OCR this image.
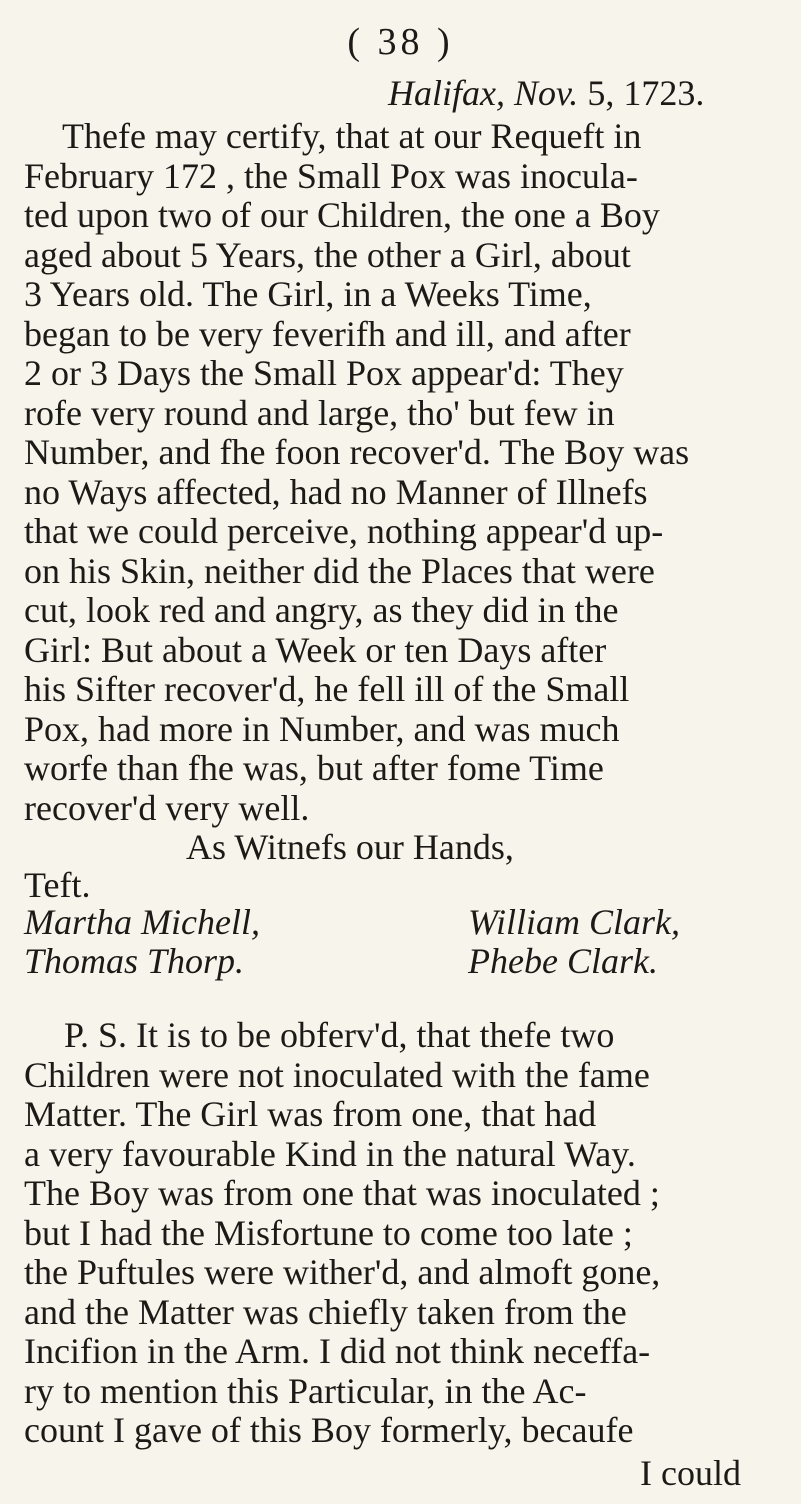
( 38 )
Halifax, Nov. 5, 1723.
Thefe may certify, that at our Requeft in
February 172 , the Small Pox was inocula-
ted upon two of our Children, the one a Boy
aged about 5 Years, the other a Girl, about
3 Years old. The Girl, in a Weeks Time,
began to be very feverifh and ill, and after
2 or 3 Days the Small Pox appear'd: They
rofe very round and large, tho' but few in
Number, and fhe foon recover'd. The Boy was
no Ways affected, had no Manner of Illnefs
that we could perceive, nothing appear'd up-
on his Skin, neither did the Places that were
cut, look red and angry, as they did in the
Girl: But about a Week or ten Days after
his Sifter recover'd, he fell ill of the Small
Pox, had more in Number, and was much
worfe than fhe was, but after fome Time
recover'd very well.
As Witnefs our Hands,
Teft.
Martha Michell,
Thomas Thorp.
William Clark,
Phebe Clark.
P. S. It is to be obferv'd, that thefe two
Children were not inoculated with the fame
Matter. The Girl was from one, that had
a very favourable Kind in the natural Way.
The Boy was from one that was inoculated ;
but I had the Misfortune to come too late ;
the Puftules were wither'd, and almoft gone,
and the Matter was chiefly taken from the
Incifion in the Arm. I did not think neceffa-
ry to mention this Particular, in the Ac-
count I gave of this Boy formerly, becaufe
I could
